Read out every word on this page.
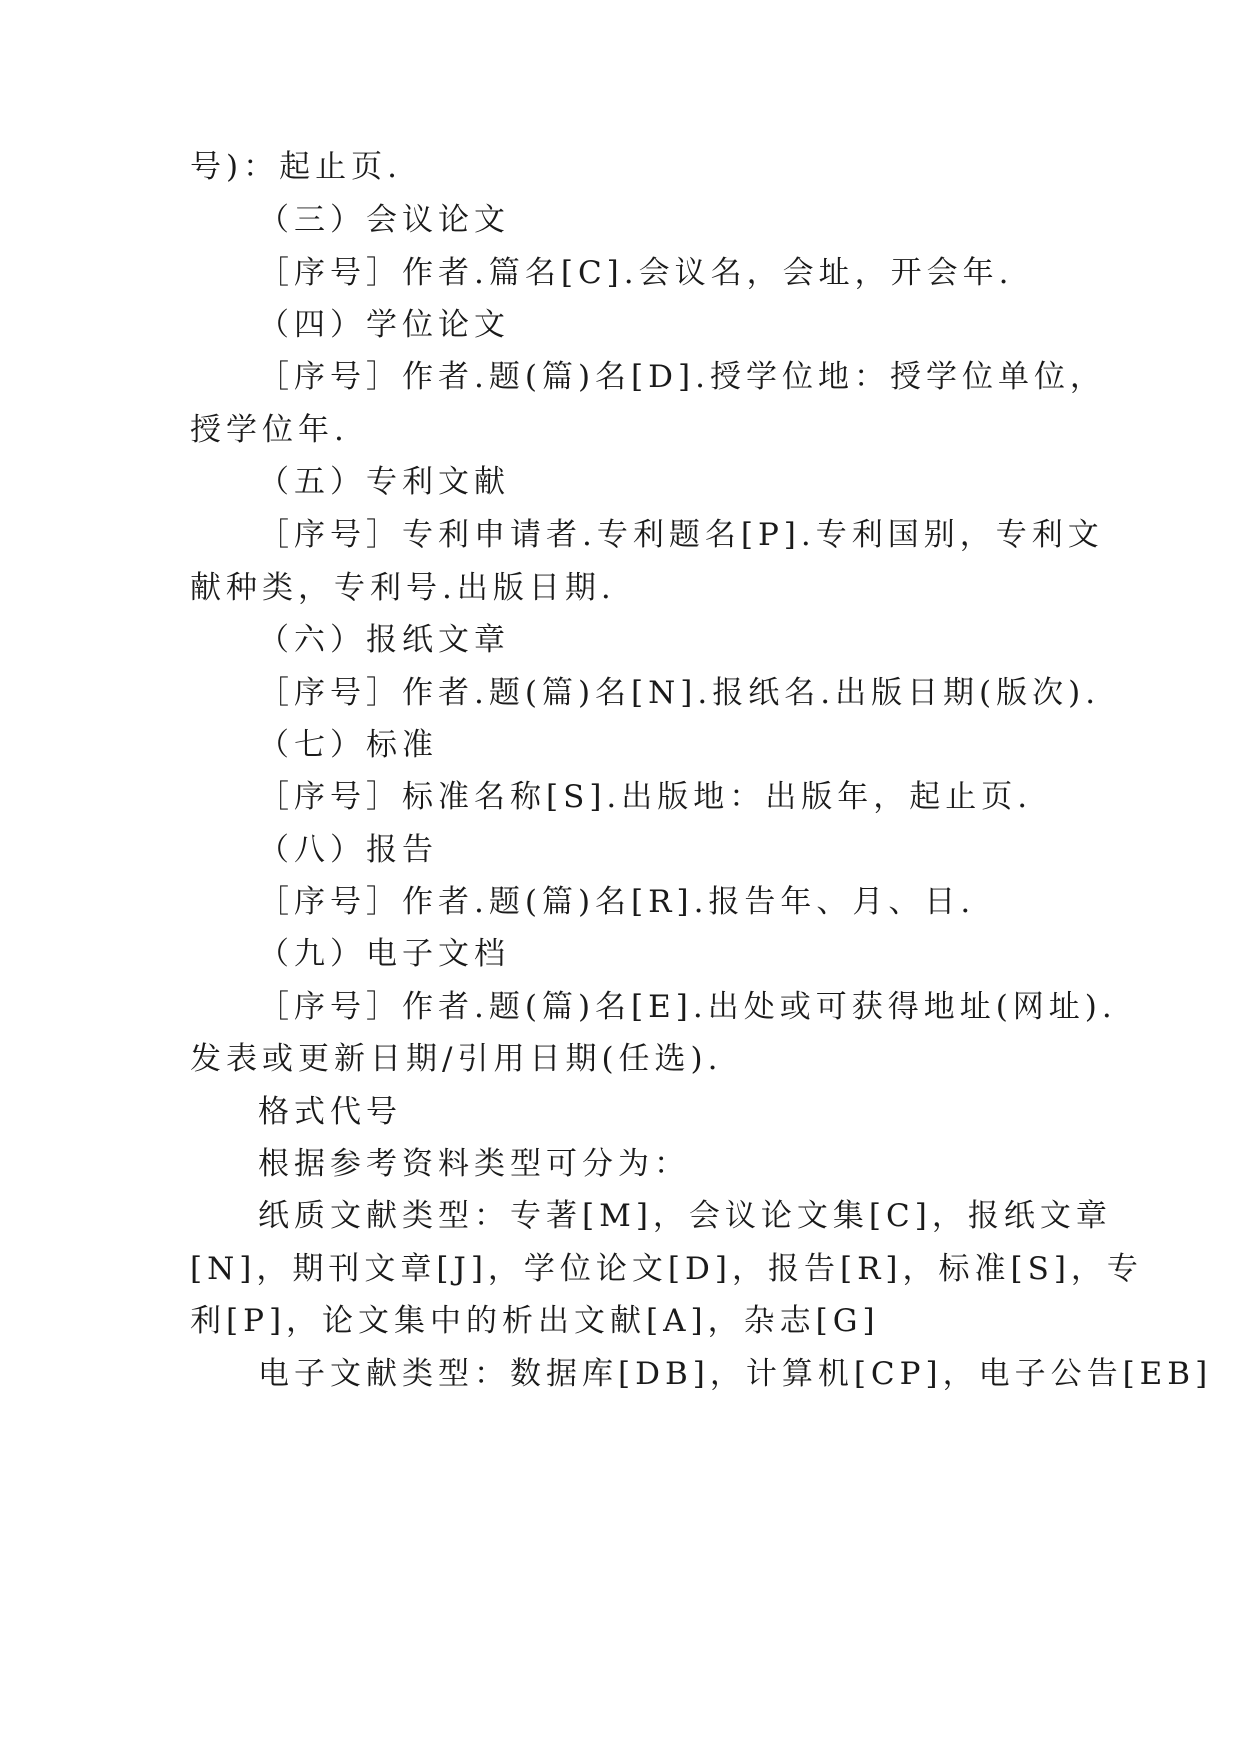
号)：起止页.
（三）会议论文
［序号］作者.篇名[C].会议名，会址，开会年.
（四）学位论文
［序号］作者.题(篇)名[D].授学位地：授学位单位，
授学位年.
（五）专利文献
［序号］专利申请者.专利题名[P].专利国别，专利文
献种类，专利号.出版日期.
（六）报纸文章
［序号］作者.题(篇)名[N].报纸名.出版日期(版次).
（七）标准
［序号］标准名称[S].出版地：出版年，起止页.
（八）报告
［序号］作者.题(篇)名[R].报告年、月、日.
（九）电子文档
［序号］作者.题(篇)名[E].出处或可获得地址(网址).
发表或更新日期/引用日期(任选).
格式代号
根据参考资料类型可分为：
纸质文献类型：专著[M]，会议论文集[C]，报纸文章
[N]，期刊文章[J]，学位论文[D]，报告[R]，标准[S]，专
利[P]，论文集中的析出文献[A]，杂志[G]
电子文献类型：数据库[DB]，计算机[CP]，电子公告[EB]
